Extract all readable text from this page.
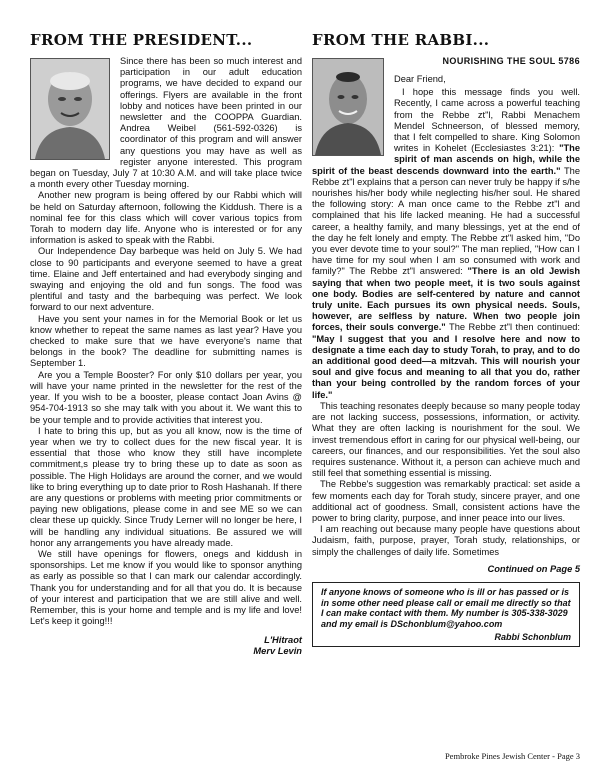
FROM THE PRESIDENT...

Since there has been so much interest and participation in our adult education programs, we have decided to expand our offerings. Flyers are available in the front lobby and notices have been printed in our newsletter and the COOPPA Guardian. Andrea Weibel (561-592-0326) is coordinator of this program and will answer any questions you may have as well as register anyone interested. This program began on Tuesday, July 7 at 10:30 A.M. and will take place twice a month every other Tuesday morning.

Another new program is being offered by our Rabbi which will be held on Saturday afternoon, following the Kiddush. There is a nominal fee for this class which will cover various topics from Torah to modern day life. Anyone who is interested or for any information is asked to speak with the Rabbi.

Our Independence Day barbeque was held on July 5. We had close to 90 participants and everyone seemed to have a great time. Elaine and Jeff entertained and had everybody singing and swaying and enjoying the old and fun songs. The food was plentiful and tasty and the barbequing was perfect. We look forward to our next adventure.

Have you sent your names in for the Memorial Book or let us know whether to repeat the same names as last year? Have you checked to make sure that we have everyone's name that belongs in the book? The deadline for submitting names is September 1.

Are you a Temple Booster? For only $10 dollars per year, you will have your name printed in the newsletter for the rest of the year. If you wish to be a booster, please contact Joan Avins @ 954-704-1913 so she may talk with you about it. We want this to be your temple and to provide activities that interest you.

I hate to bring this up, but as you all know, now is the time of year when we try to collect dues for the new fiscal year. It is essential that those who know they still have incomplete commitment,s please try to bring these up to date as soon as possible. The High Holidays are around the corner, and we would like to bring everything up to date prior to Rosh Hashanah. If there are any questions or problems with meeting prior commitments or paying new obligations, please come in and see ME so we can clear these up quickly. Since Trudy Lerner will no longer be here, I will be handling any individual situations. Be assured we will honor any arrangements you have already made.

We still have openings for flowers, onegs and kiddush in sponsorships. Let me know if you would like to sponsor anything as early as possible so that I can mark our calendar accordingly. Thank you for understanding and for all that you do. It is because of your interest and participation that we are still alive and well. Remember, this is your home and temple and is my life and love! Let's keep it going!!!

L'Hitraot

Merv Levin

FROM THE RABBI...
NOURISHING THE SOUL 5786
Dear Friend,

I hope this message finds you well. Recently, I came across a powerful teaching from the Rebbe zt"l, Rabbi Menachem Mendel Schneerson, of blessed memory, that I felt compelled to share. King Solomon writes in Kohelet (Ecclesiastes 3:21): "The spirit of man ascends on high, while the spirit of the beast descends downward into the earth." The Rebbe zt"l explains that a person can never truly be happy if s/he nourishes his/her body while neglecting his/her soul. He shared the following story: A man once came to the Rebbe zt"l and complained that his life lacked meaning. He had a successful career, a healthy family, and many blessings, yet at the end of the day he felt lonely and empty. The Rebbe zt"l asked him, "Do you ever devote time to your soul?" The man replied, "How can I have time for my soul when I am so consumed with work and family?" The Rebbe zt"l answered: "There is an old Jewish saying that when two people meet, it is two souls against one body. Bodies are self-centered by nature and cannot truly unite. Each pursues its own physical needs. Souls, however, are selfless by nature. When two people join forces, their souls converge." The Rebbe zt"l then continued: "May I suggest that you and I resolve here and now to designate a time each day to study Torah, to pray, and to do an additional good deed—a mitzvah. This will nourish your soul and give focus and meaning to all that you do, rather than your being controlled by the random forces of your life."

This teaching resonates deeply because so many people today are not lacking success, possessions, information, or activity. What they are often lacking is nourishment for the soul. We invest tremendous effort in caring for our physical well-being, our careers, our finances, and our responsibilities. Yet the soul also requires sustenance. Without it, a person can achieve much and still feel that something essential is missing.

The Rebbe's suggestion was remarkably practical: set aside a few moments each day for Torah study, sincere prayer, and one additional act of goodness. Small, consistent actions have the power to bring clarity, purpose, and inner peace into our lives.

I am reaching out because many people have questions about Judaism, faith, purpose, prayer, Torah study, relationships, or simply the challenges of daily life. Sometimes

Continued on Page 5

If anyone knows of someone who is ill or has passed or is in some other need please call or email me directly so that I can make contact with them. My number is 305-338-3029 and my email is DSchonblum@yahoo.com

Rabbi Schonblum

Pembroke Pines Jewish Center - Page 3
